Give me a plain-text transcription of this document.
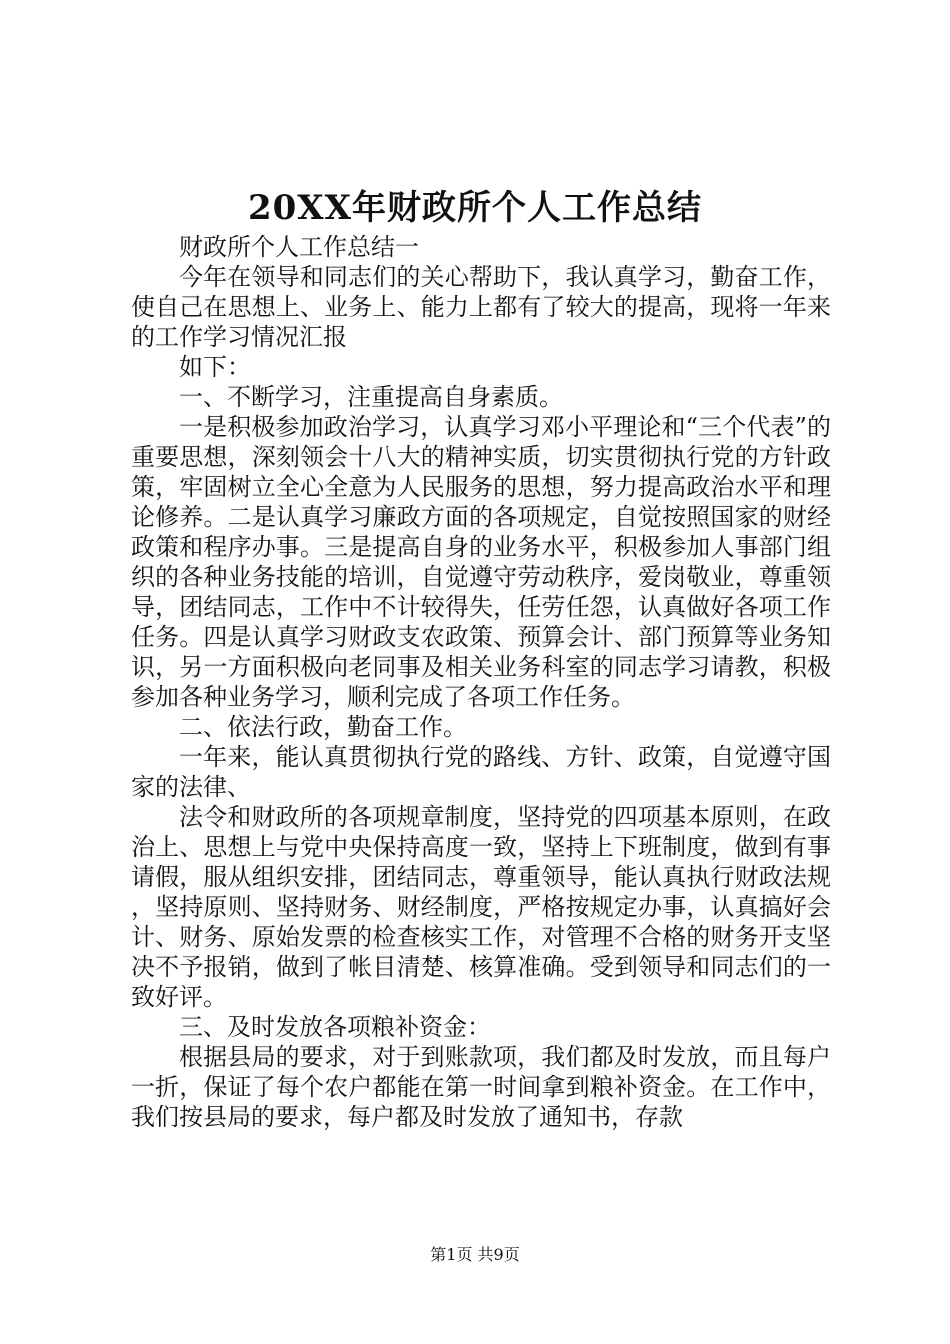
20XX年财政所个人工作总结

财政所个人工作总结一

今年在领导和同志们的关心帮助下，我认真学习，勤奋工作，使自己在思想上、业务上、能力上都有了较大的提高，现将一年来的工作学习情况汇报

如下：

一、不断学习，注重提高自身素质。

一是积极参加政治学习，认真学习邓小平理论和“三个代表”的重要思想，深刻领会十八大的精神实质，切实贯彻执行党的方针政策，牢固树立全心全意为人民服务的思想，努力提高政治水平和理论修养。二是认真学习廉政方面的各项规定，自觉按照国家的财经政策和程序办事。三是提高自身的业务水平，积极参加人事部门组织的各种业务技能的培训，自觉遵守劳动秩序，爱岗敬业，尊重领导，团结同志，工作中不计较得失，任劳任怨，认真做好各项工作任务。四是认真学习财政支农政策、预算会计、部门预算等业务知识，另一方面积极向老同事及相关业务科室的同志学习请教，积极参加各种业务学习，顺利完成了各项工作任务。

二、依法行政，勤奋工作。

一年来，能认真贯彻执行党的路线、方针、政策，自觉遵守国家的法律、

法令和财政所的各项规章制度，坚持党的四项基本原则，在政治上、思想上与党中央保持高度一致，坚持上下班制度，做到有事请假，服从组织安排，团结同志，尊重领导，能认真执行财政法规，坚持原则、坚持财务、财经制度，严格按规定办事，认真搞好会计、财务、原始发票的检查核实工作，对管理不合格的财务开支坚决不予报销，做到了帐目清楚、核算准确。受到领导和同志们的一致好评。

三、及时发放各项粮补资金：

根据县局的要求，对于到账款项，我们都及时发放，而且每户一折，保证了每个农户都能在第一时间拿到粮补资金。在工作中，我们按县局的要求，每户都及时发放了通知书，存款

第1页 共9页
